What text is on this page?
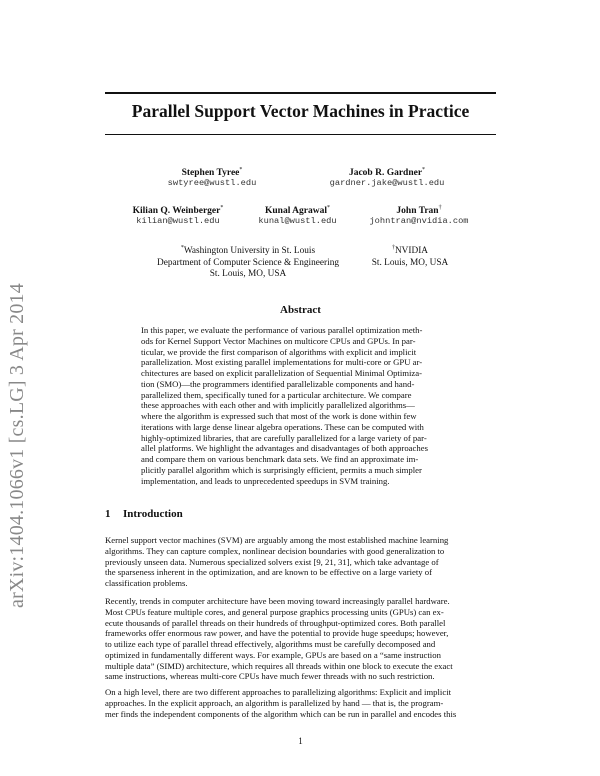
arXiv:1404.1066v1 [cs.LG] 3 Apr 2014
Parallel Support Vector Machines in Practice
Stephen Tyree*
swtyree@wustl.edu
Jacob R. Gardner*
gardner.jake@wustl.edu
Kilian Q. Weinberger*
kilian@wustl.edu
Kunal Agrawal*
kunal@wustl.edu
John Tran†
johntran@nvidia.com
*Washington University in St. Louis
Department of Computer Science & Engineering
St. Louis, MO, USA
†NVIDIA
St. Louis, MO, USA
Abstract
In this paper, we evaluate the performance of various parallel optimization meth-
ods for Kernel Support Vector Machines on multicore CPUs and GPUs. In par-
ticular, we provide the first comparison of algorithms with explicit and implicit
parallelization. Most existing parallel implementations for multi-core or GPU ar-
chitectures are based on explicit parallelization of Sequential Minimal Optimiza-
tion (SMO)—the programmers identified parallelizable components and hand-
parallelized them, specifically tuned for a particular architecture. We compare
these approaches with each other and with implicitly parallelized algorithms—
where the algorithm is expressed such that most of the work is done within few
iterations with large dense linear algebra operations. These can be computed with
highly-optimized libraries, that are carefully parallelized for a large variety of par-
allel platforms. We highlight the advantages and disadvantages of both approaches
and compare them on various benchmark data sets. We find an approximate im-
plicitly parallel algorithm which is surprisingly efficient, permits a much simpler
implementation, and leads to unprecedented speedups in SVM training.
1 Introduction
Kernel support vector machines (SVM) are arguably among the most established machine learning
algorithms. They can capture complex, nonlinear decision boundaries with good generalization to
previously unseen data. Numerous specialized solvers exist [9, 21, 31], which take advantage of
the sparseness inherent in the optimization, and are known to be effective on a large variety of
classification problems.
Recently, trends in computer architecture have been moving toward increasingly parallel hardware.
Most CPUs feature multiple cores, and general purpose graphics processing units (GPUs) can ex-
ecute thousands of parallel threads on their hundreds of throughput-optimized cores. Both parallel
frameworks offer enormous raw power, and have the potential to provide huge speedups; however,
to utilize each type of parallel thread effectively, algorithms must be carefully decomposed and
optimized in fundamentally different ways. For example, GPUs are based on a “same instruction
multiple data” (SIMD) architecture, which requires all threads within one block to execute the exact
same instructions, whereas multi-core CPUs have much fewer threads with no such restriction.
On a high level, there are two different approaches to parallelizing algorithms: Explicit and implicit
approaches. In the explicit approach, an algorithm is parallelized by hand — that is, the program-
mer finds the independent components of the algorithm which can be run in parallel and encodes this
1
